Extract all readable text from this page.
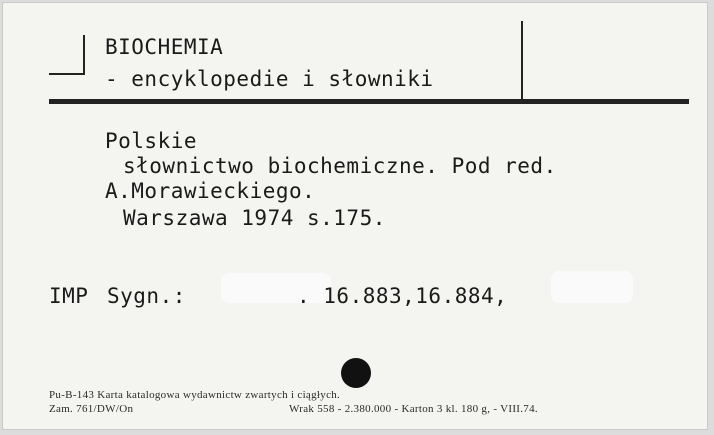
BIOCHEMIA
- encyklopedie i słowniki
Polskie
słownictwo biochemiczne. Pod red.
A.Morawieckiego.
Warszawa 1974 s.175.
IMP Sygn.:	. 16.883,16.884,
Pu-B-143 Karta katalogowa wydawnictw zwartych i ciągłych.
Zam. 761/DW/On	Wrak 558 - 2.380.000 - Karton 3 kl. 180 g, - VIII.74.
